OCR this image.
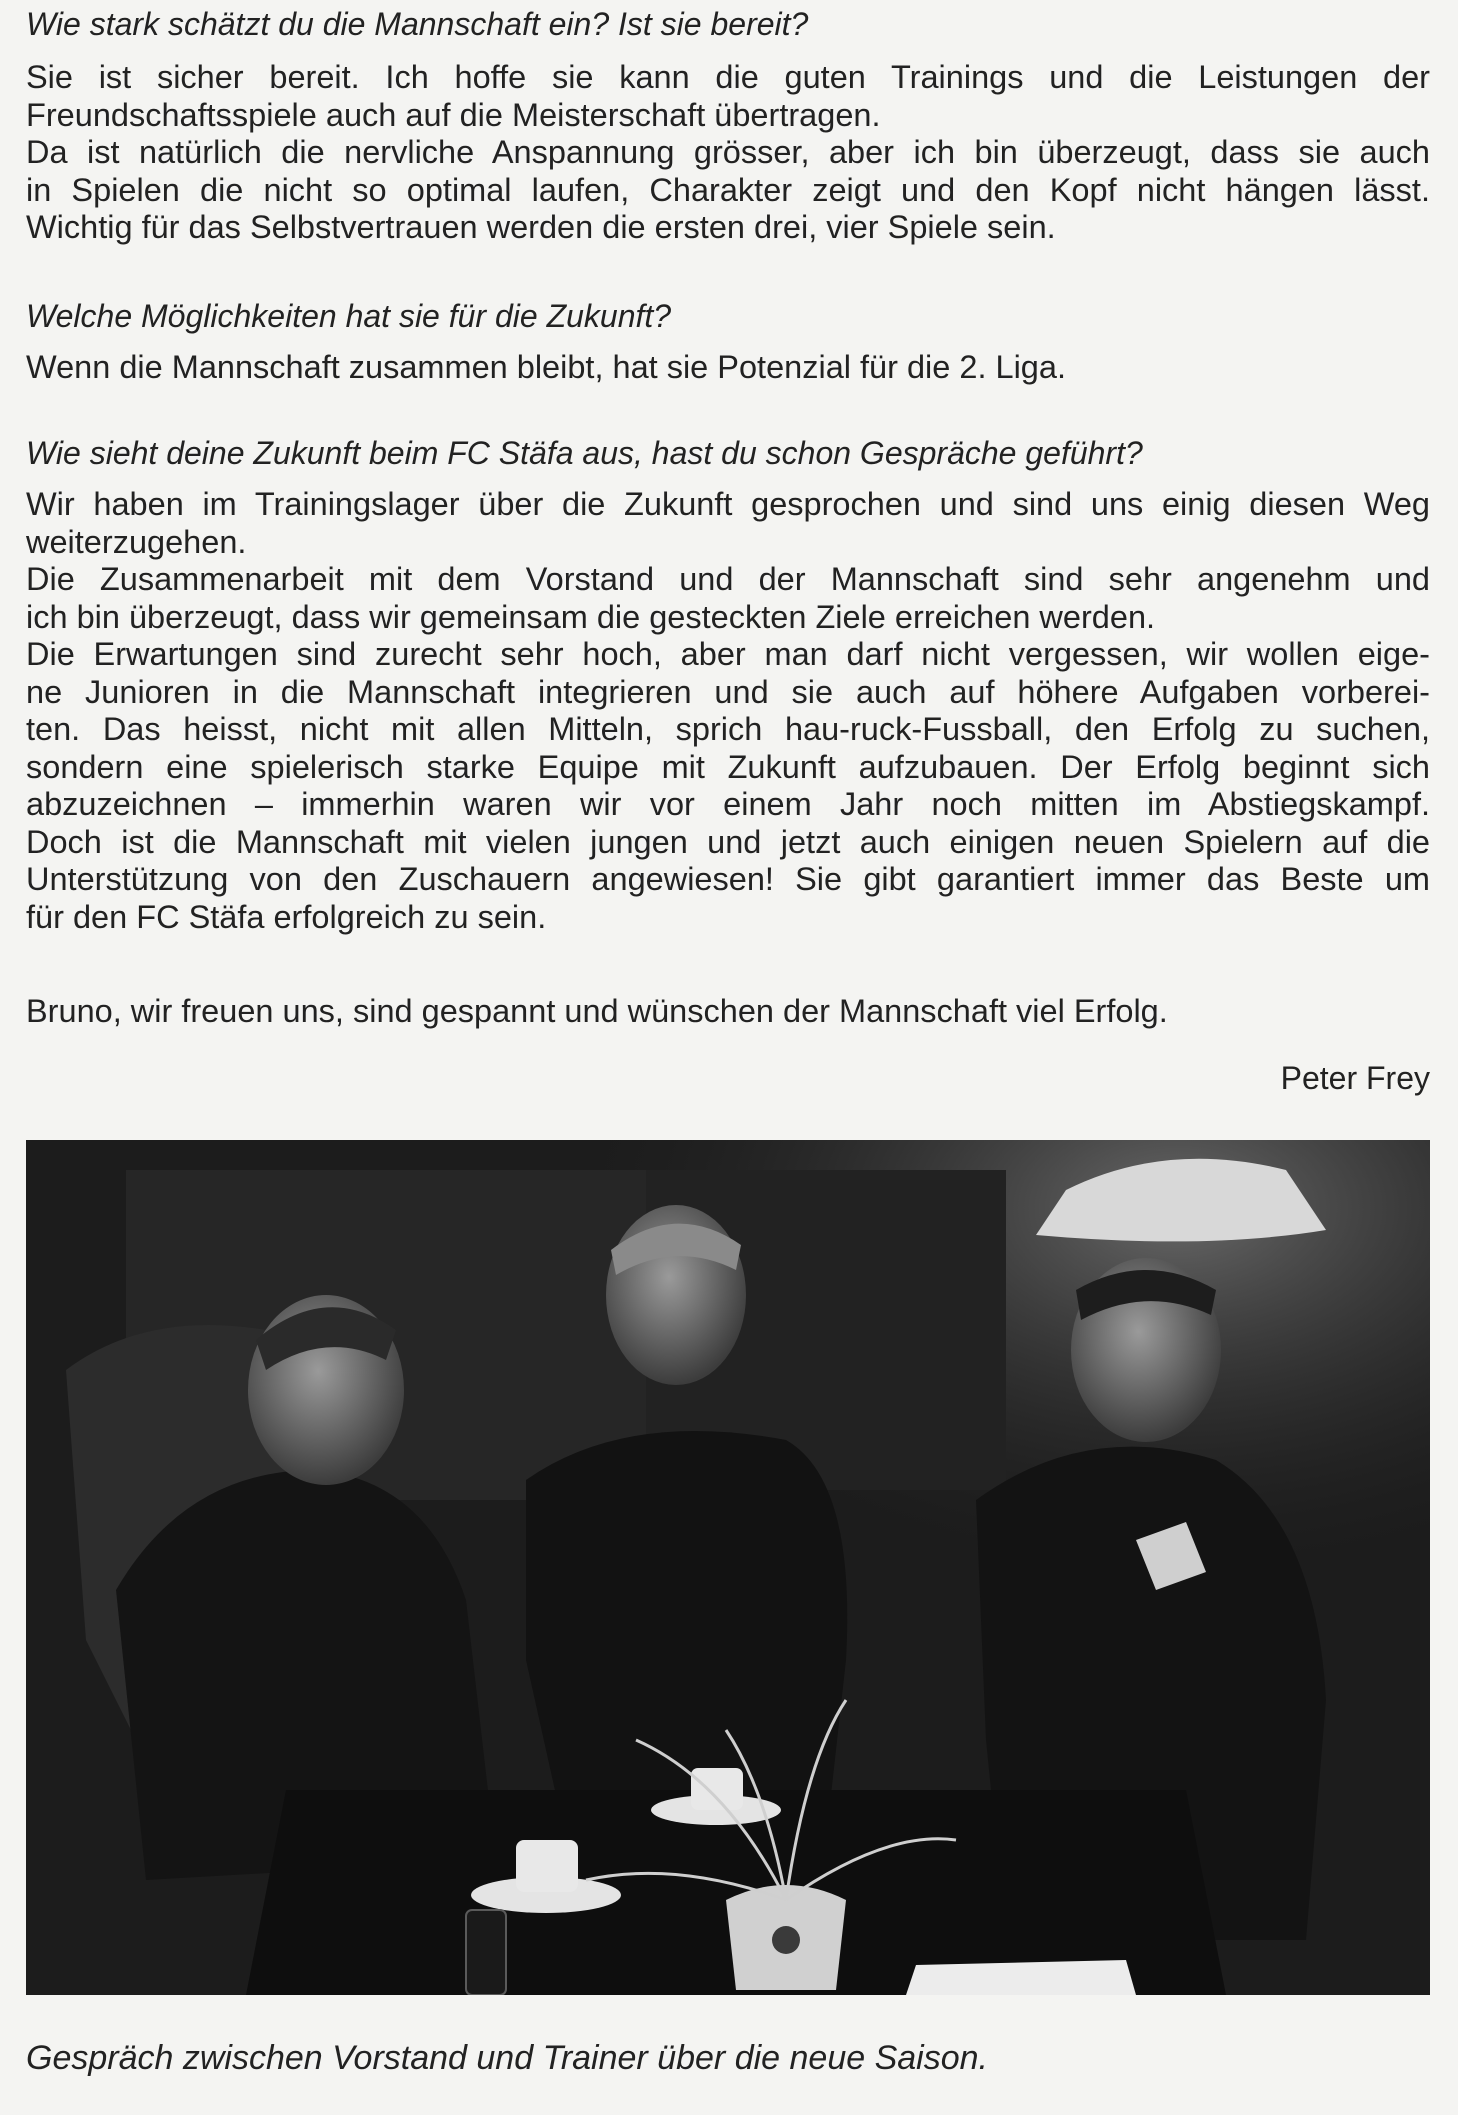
Wie stark schätzt du die Mannschaft ein? Ist sie bereit?

Sie ist sicher bereit. Ich hoffe sie kann die guten Trainings und die Leistungen der
Freundschaftsspiele auch auf die Meisterschaft übertragen.
Da ist natürlich die nervliche Anspannung grösser, aber ich bin überzeugt, dass sie auch
in Spielen die nicht so optimal laufen, Charakter zeigt und den Kopf nicht hängen lässt.
Wichtig für das Selbstvertrauen werden die ersten drei, vier Spiele sein.

Welche Möglichkeiten hat sie für die Zukunft?

Wenn die Mannschaft zusammen bleibt, hat sie Potenzial für die 2. Liga.

Wie sieht deine Zukunft beim FC Stäfa aus, hast du schon Gespräche geführt?

Wir haben im Trainingslager über die Zukunft gesprochen und sind uns einig diesen Weg
weiterzugehen.
Die Zusammenarbeit mit dem Vorstand und der Mannschaft sind sehr angenehm und
ich bin überzeugt, dass wir gemeinsam die gesteckten Ziele erreichen werden.
Die Erwartungen sind zurecht sehr hoch, aber man darf nicht vergessen, wir wollen eige-
ne Junioren in die Mannschaft integrieren und sie auch auf höhere Aufgaben vorberei-
ten. Das heisst, nicht mit allen Mitteln, sprich hau-ruck-Fussball, den Erfolg zu suchen,
sondern eine spielerisch starke Equipe mit Zukunft aufzubauen. Der Erfolg beginnt sich
abzuzeichnen – immerhin waren wir vor einem Jahr noch mitten im Abstiegskampf.
Doch ist die Mannschaft mit vielen jungen und jetzt auch einigen neuen Spielern auf die
Unterstützung von den Zuschauern angewiesen! Sie gibt garantiert immer das Beste um
für den FC Stäfa erfolgreich zu sein.

Bruno, wir freuen uns, sind gespannt und wünschen der Mannschaft viel Erfolg.

Peter Frey
Gespräch zwischen Vorstand und Trainer über die neue Saison.
